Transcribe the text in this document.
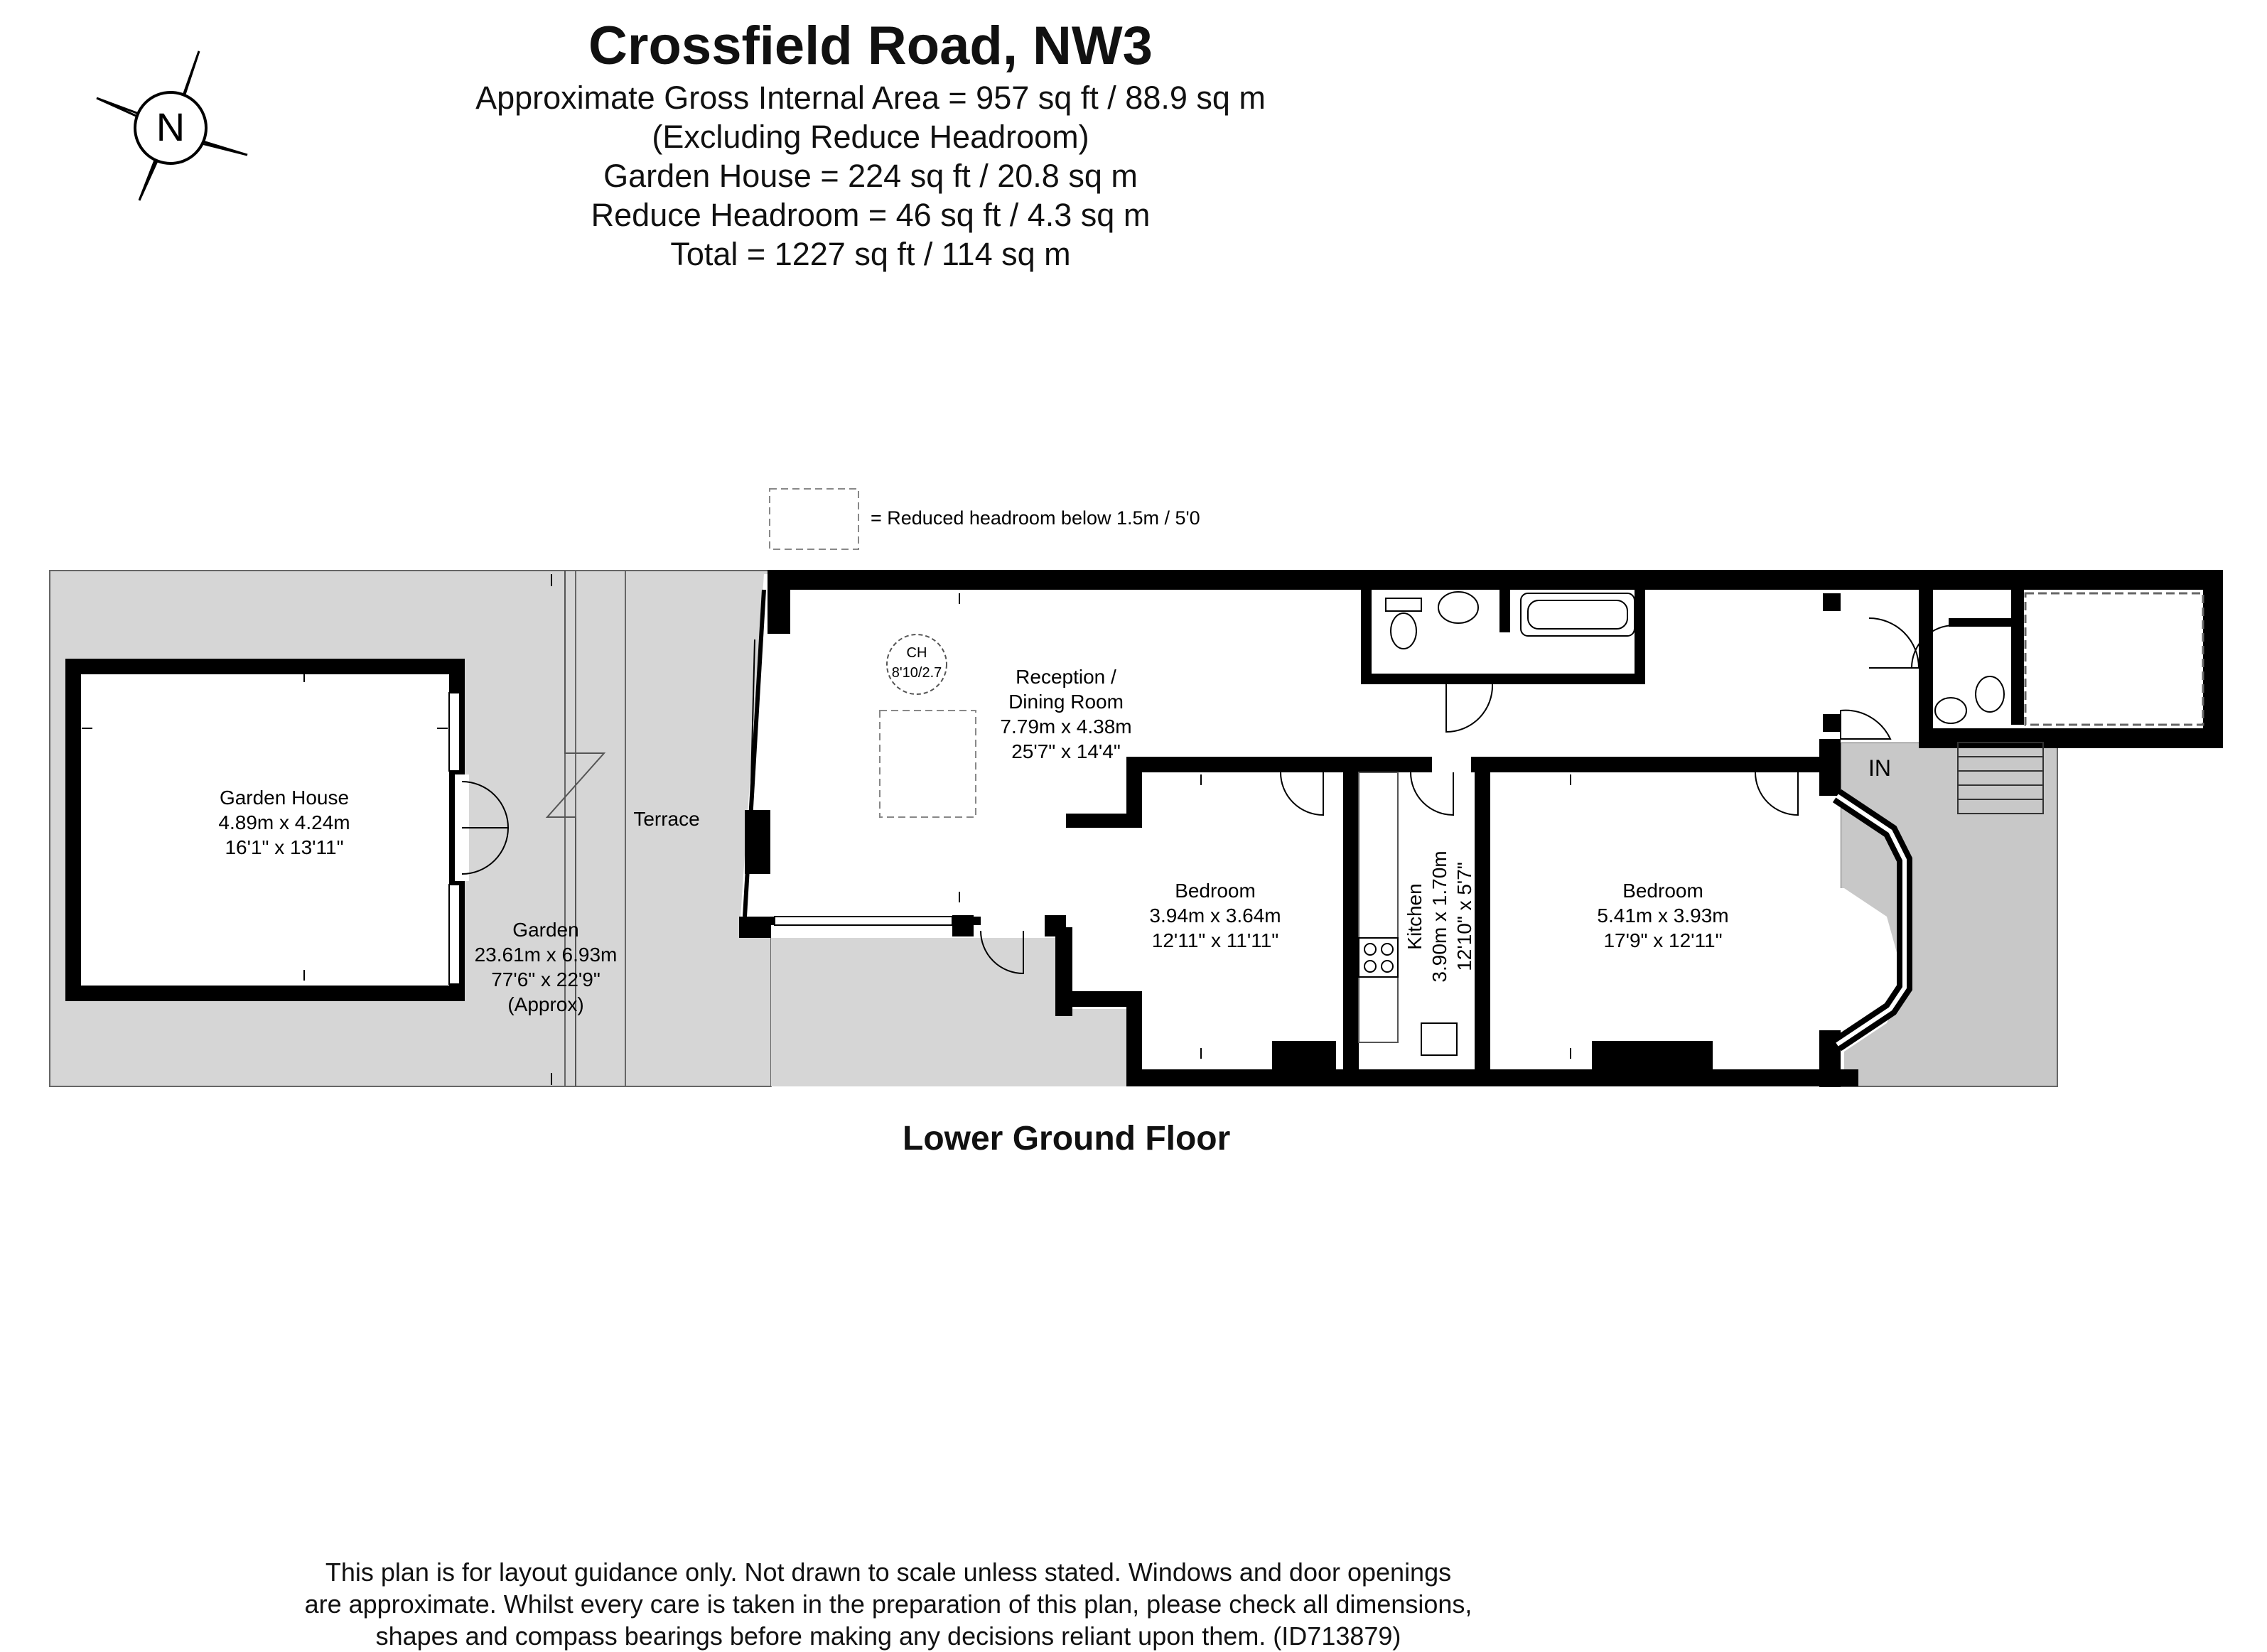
Crossfield Road, NW3
Approximate Gross Internal Area = 957 sq ft / 88.9 sq m
(Excluding Reduce Headroom)
Garden House = 224 sq ft / 20.8 sq m
Reduce Headroom = 46 sq ft / 4.3 sq m
Total = 1227 sq ft / 114 sq m
N
= Reduced headroom below 1.5m / 5'0
CH
8'10/2.7
Garden House
4.89m x 4.24m
16'1" x 13'11"
Garden
23.61m x 6.93m
77'6" x 22'9"
(Approx)
Terrace
Reception /
Dining Room
7.79m x 4.38m
25'7" x 14'4"
Bedroom
3.94m x 3.64m
12'11" x 11'11"	Kitchen 3.90m x 1.70m 12'10" x 5'7"	Bedroom
5.41m x 3.93m
17'9" x 12'11"
IN
Lower Ground Floor
This plan is for layout guidance only. Not drawn to scale unless stated. Windows and door openings
are approximate. Whilst every care is taken in the preparation of this plan, please check all dimensions,
shapes and compass bearings before making any decisions reliant upon them. (ID713879)
